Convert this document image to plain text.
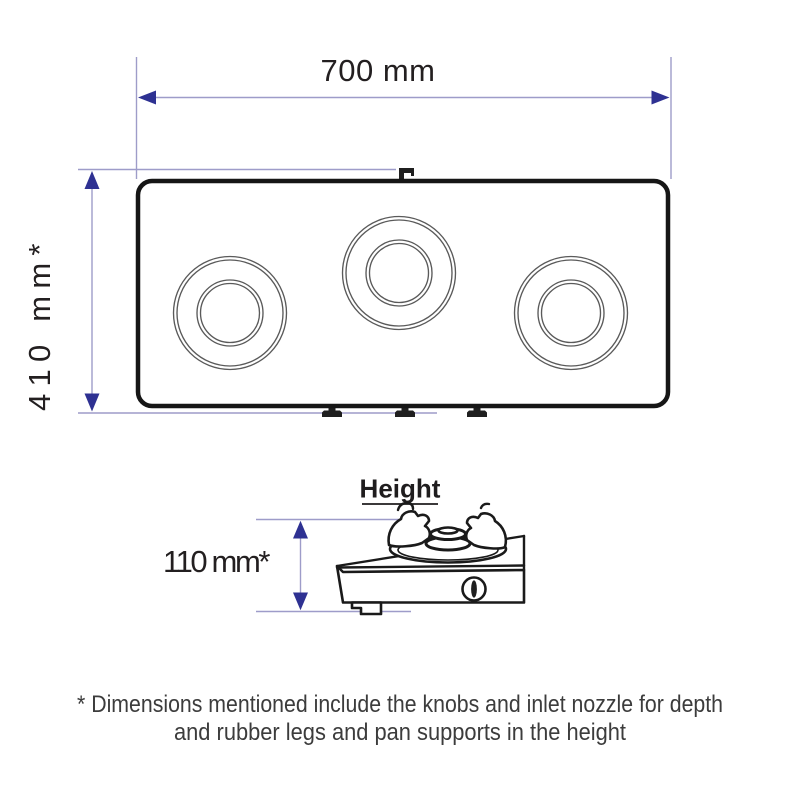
700 mm
410 mm*
Height
110 mm*
* Dimensions mentioned include the knobs and inlet nozzle for depth
and rubber legs and pan supports in the height
